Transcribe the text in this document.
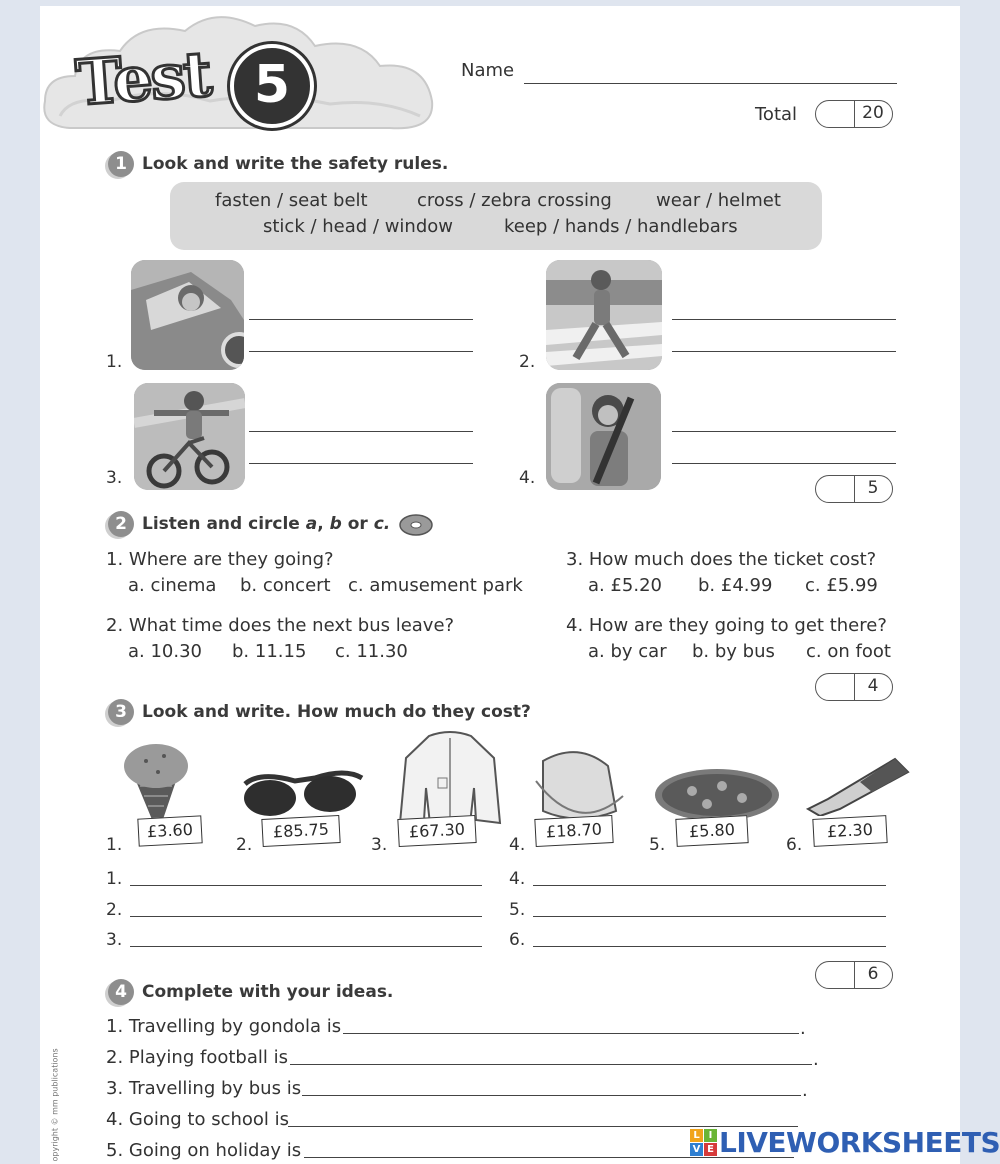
Test 5	Name
Total	20
1 Look and write the safety rules.
fasten / seat belt	cross / zebra crossing wear / helmet
stick / head / window	keep / hands / handlebars
1.	2.
3.	4.	5
2 Listen and circle a, b or c.
1. Where are they going?
a. cinema b. concert c. amusement park
3. How much does the ticket cost?
a. £5.20 b. £4.99 c. £5.99
2. What time does the next bus leave?
a. 10.30 b. 11.15 c. 11.30
4. How are they going to get there?
a. by car b. by bus c. on foot
4
3 Look and write. How much do they cost?
1.
£3.60
2.
£85.75
3.
£67.30
4.
£18.70
5.
£5.80
6.
£2.30
1.
2.
3.
4.
5.
6.
6
4 Complete with your ideas.
1. Travelling by gondola is	.
2. Playing football is	.
3. Travelling by bus is	.
4. Going to school is
5. Going on holiday is
opyright © mm publications	L I
V E LIVEWORKSHEETS
